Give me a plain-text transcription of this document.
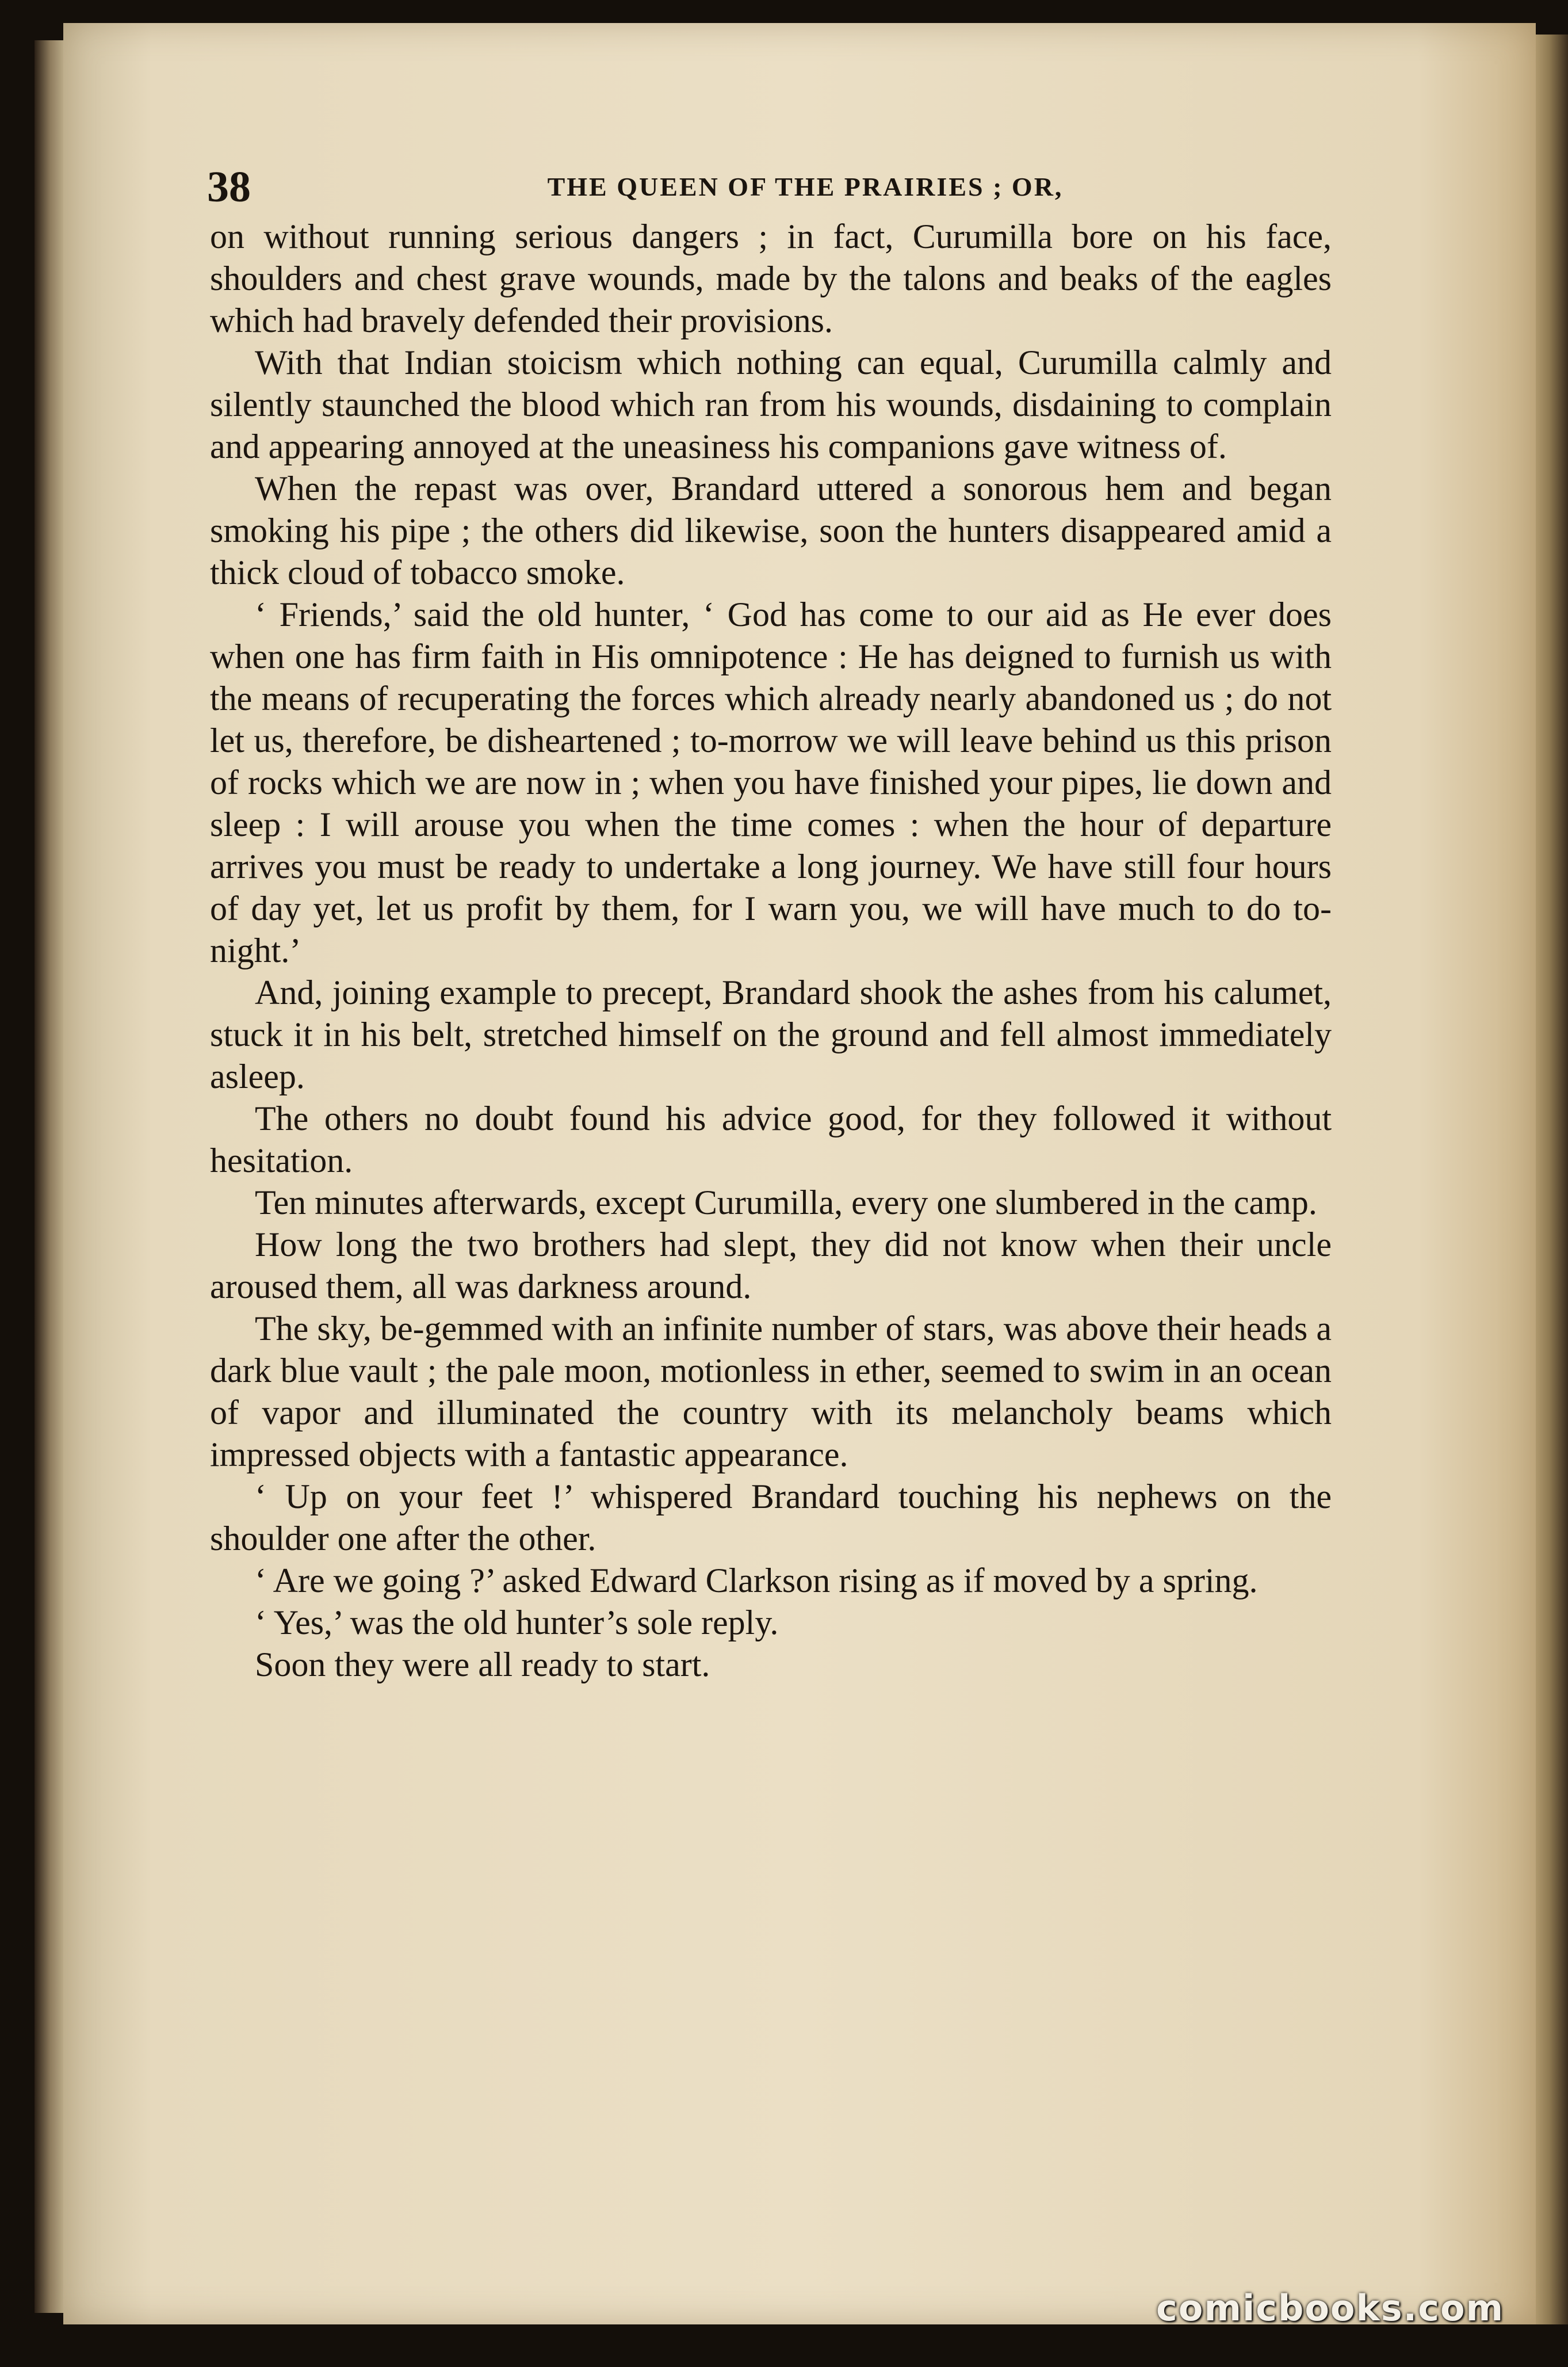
38	THE QUEEN OF THE PRAIRIES ; OR,

on without running serious dangers ; in fact, Curumilla bore on his face, shoulders and chest grave wounds, made by the talons and beaks of the eagles which had bravely defended their provisions.

With that Indian stoicism which nothing can equal, Curumilla calmly and silently staunched the blood which ran from his wounds, disdaining to complain and appearing annoyed at the uneasiness his companions gave witness of.

When the repast was over, Brandard uttered a sonorous hem and began smoking his pipe ; the others did likewise, soon the hunters disappeared amid a thick cloud of tobacco smoke.

‘ Friends,’ said the old hunter, ‘ God has come to our aid as He ever does when one has firm faith in His omnipotence : He has deigned to furnish us with the means of recuperating the forces which already nearly abandoned us ; do not let us, therefore, be disheartened ; to-morrow we will leave behind us this prison of rocks which we are now in ; when you have finished your pipes, lie down and sleep : I will arouse you when the time comes : when the hour of departure arrives you must be ready to undertake a long journey. We have still four hours of day yet, let us profit by them, for I warn you, we will have much to do to-night.’

And, joining example to precept, Brandard shook the ashes from his calumet, stuck it in his belt, stretched himself on the ground and fell almost immediately asleep.

The others no doubt found his advice good, for they followed it without hesitation.

Ten minutes afterwards, except Curumilla, every one slumbered in the camp.

How long the two brothers had slept, they did not know when their uncle aroused them, all was darkness around.

The sky, be-gemmed with an infinite number of stars, was above their heads a dark blue vault ; the pale moon, motionless in ether, seemed to swim in an ocean of vapor and illuminated the country with its melancholy beams which impressed objects with a fantastic appearance.

‘ Up on your feet !’ whispered Brandard touching his nephews on the shoulder one after the other.

‘ Are we going ?’ asked Edward Clarkson rising as if moved by a spring.

‘ Yes,’ was the old hunter’s sole reply.

Soon they were all ready to start.

comicbooks.com
